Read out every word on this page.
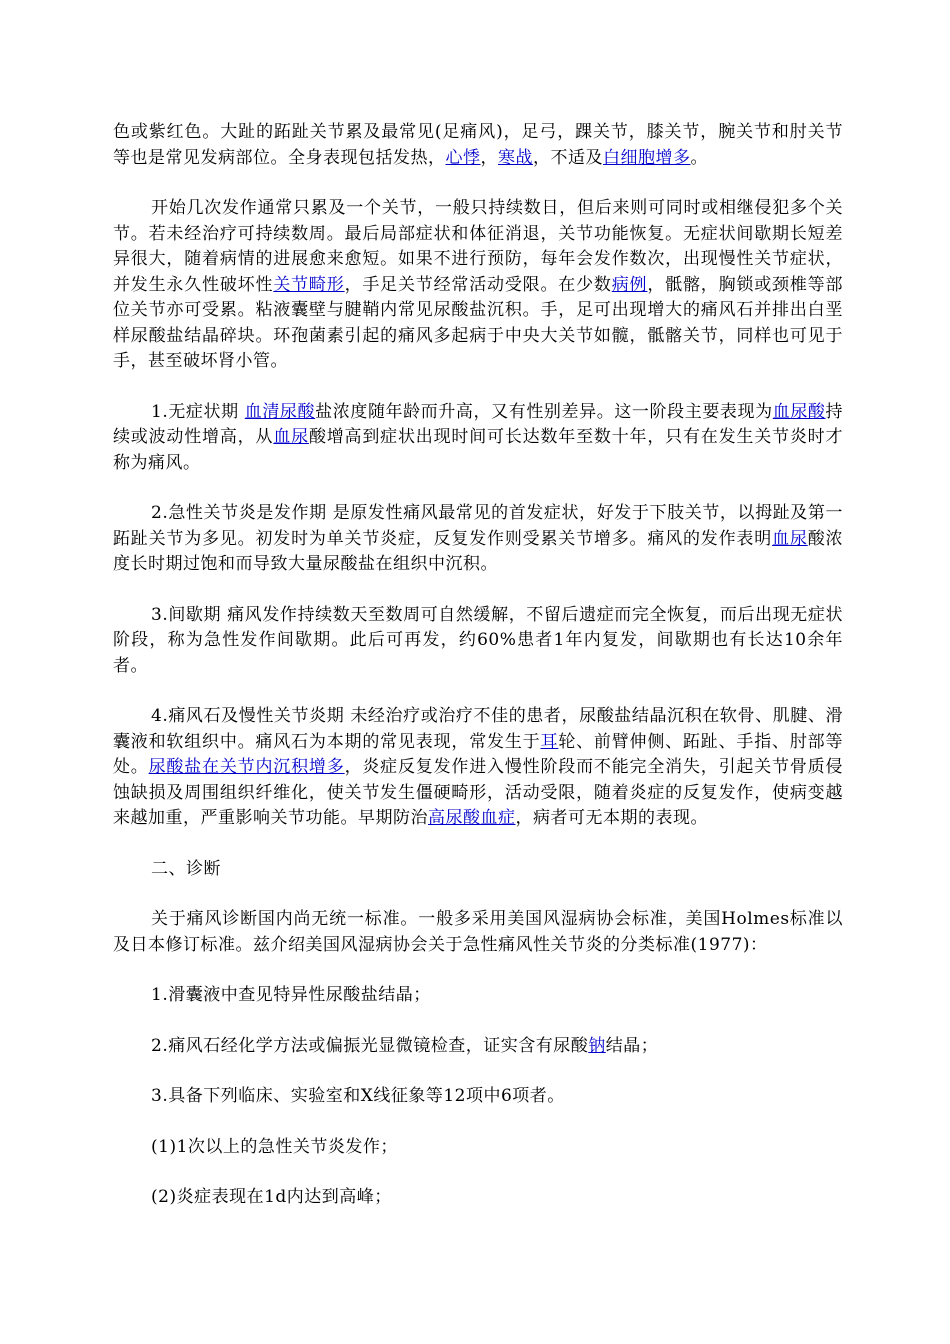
色或紫红色。大趾的跖趾关节累及最常见(足痛风)，足弓，踝关节，膝关节，腕关节和肘关节等也是常见发病部位。全身表现包括发热，心悸，寒战，不适及白细胞增多。

开始几次发作通常只累及一个关节，一般只持续数日，但后来则可同时或相继侵犯多个关节。若未经治疗可持续数周。最后局部症状和体征消退，关节功能恢复。无症状间歇期长短差异很大，随着病情的进展愈来愈短。如果不进行预防，每年会发作数次，出现慢性关节症状，并发生永久性破坏性关节畸形，手足关节经常活动受限。在少数病例，骶髂，胸锁或颈椎等部位关节亦可受累。粘液囊壁与腱鞘内常见尿酸盐沉积。手，足可出现增大的痛风石并排出白垩样尿酸盐结晶碎块。环孢菌素引起的痛风多起病于中央大关节如髋，骶髂关节，同样也可见于手，甚至破坏肾小管。

1.无症状期 血清尿酸盐浓度随年龄而升高，又有性别差异。这一阶段主要表现为血尿酸持续或波动性增高，从血尿酸增高到症状出现时间可长达数年至数十年，只有在发生关节炎时才称为痛风。

2.急性关节炎是发作期 是原发性痛风最常见的首发症状，好发于下肢关节，以拇趾及第一跖趾关节为多见。初发时为单关节炎症，反复发作则受累关节增多。痛风的发作表明血尿酸浓度长时期过饱和而导致大量尿酸盐在组织中沉积。

3.间歇期 痛风发作持续数天至数周可自然缓解，不留后遗症而完全恢复，而后出现无症状阶段，称为急性发作间歇期。此后可再发，约60%患者1年内复发，间歇期也有长达10余年者。

4.痛风石及慢性关节炎期 未经治疗或治疗不佳的患者，尿酸盐结晶沉积在软骨、肌腱、滑囊液和软组织中。痛风石为本期的常见表现，常发生于耳轮、前臂伸侧、跖趾、手指、肘部等处。尿酸盐在关节内沉积增多，炎症反复发作进入慢性阶段而不能完全消失，引起关节骨质侵蚀缺损及周围组织纤维化，使关节发生僵硬畸形，活动受限，随着炎症的反复发作，使病变越来越加重，严重影响关节功能。早期防治高尿酸血症，病者可无本期的表现。

二、诊断

关于痛风诊断国内尚无统一标准。一般多采用美国风湿病协会标准，美国Holmes标准以及日本修订标准。兹介绍美国风湿病协会关于急性痛风性关节炎的分类标准(1977)：

1.滑囊液中查见特异性尿酸盐结晶；

2.痛风石经化学方法或偏振光显微镜检查，证实含有尿酸钠结晶；

3.具备下列临床、实验室和X线征象等12项中6项者。

(1)1次以上的急性关节炎发作；

(2)炎症表现在1d内达到高峰；
